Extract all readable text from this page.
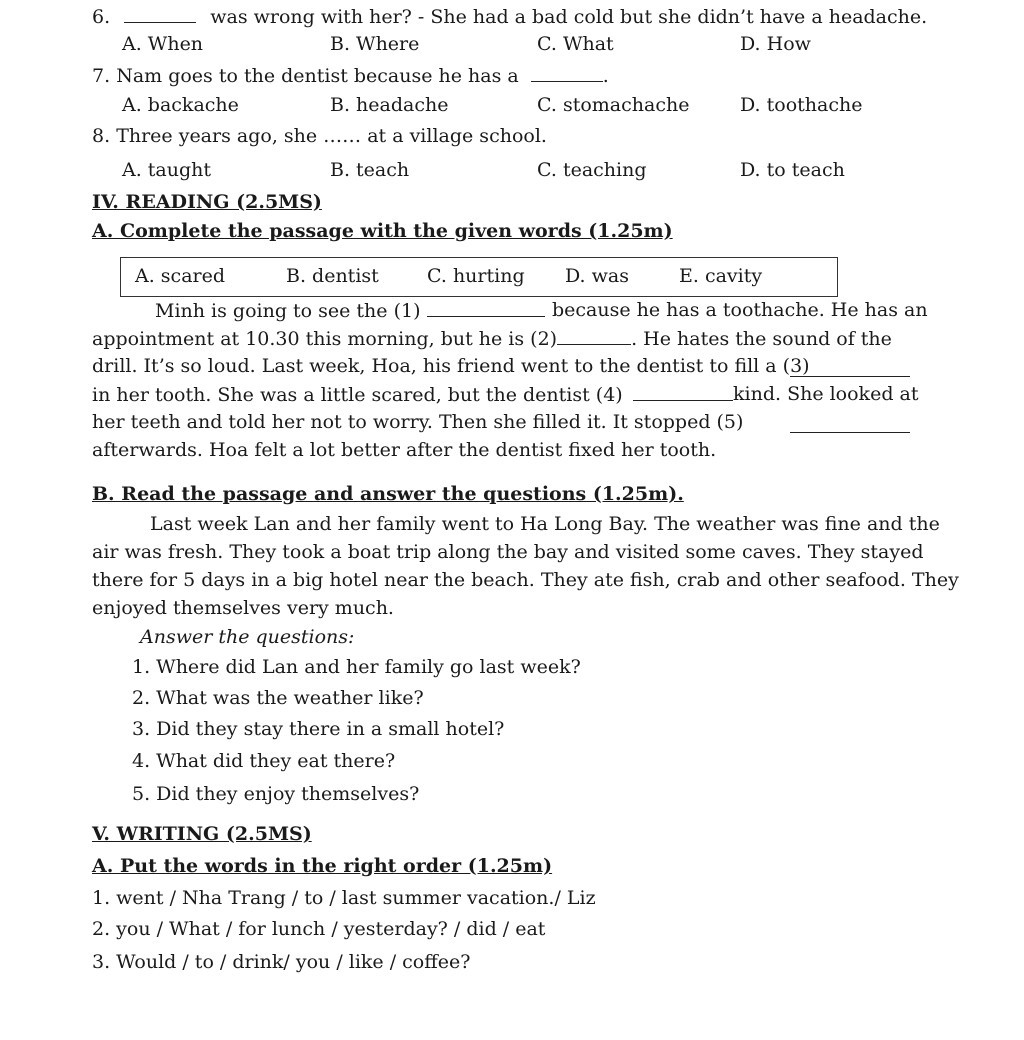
6.	was wrong with her? - She had a bad cold but she didn’t have a headache.
A. When	B. Where	C. What	D. How
7. Nam goes to the dentist because he has a	.
A. backache	B. headache	C. stomachache	D. toothache
8. Three years ago, she …… at a village school.
A. taught	B. teach	C. teaching	D. to teach
IV. READING (2.5MS)
A. Complete the passage with the given words (1.25m)
A. scared	B. dentist	C. hurting D. was	E. cavity
Minh is going to see the (1)	because he has a toothache. He has an
appointment at 10.30 this morning, but he is (2)	. He hates the sound of the
drill. It’s so loud. Last week, Hoa, his friend went to the dentist to fill a (3)
in her tooth. She was a little scared, but the dentist (4)	kind. She looked at
her teeth and told her not to worry. Then she filled it. It stopped (5)
afterwards. Hoa felt a lot better after the dentist fixed her tooth.
B. Read the passage and answer the questions (1.25m).
Last week Lan and her family went to Ha Long Bay. The weather was fine and the
air was fresh. They took a boat trip along the bay and visited some caves. They stayed
there for 5 days in a big hotel near the beach. They ate fish, crab and other seafood. They
enjoyed themselves very much.
Answer the questions:
1. Where did Lan and her family go last week?
2. What was the weather like?
3. Did they stay there in a small hotel?
4. What did they eat there?
5. Did they enjoy themselves?
V. WRITING (2.5MS)
A. Put the words in the right order (1.25m)
1. went / Nha Trang / to / last summer vacation./ Liz
2. you / What / for lunch / yesterday? / did / eat
3. Would / to / drink/ you / like / coffee?
